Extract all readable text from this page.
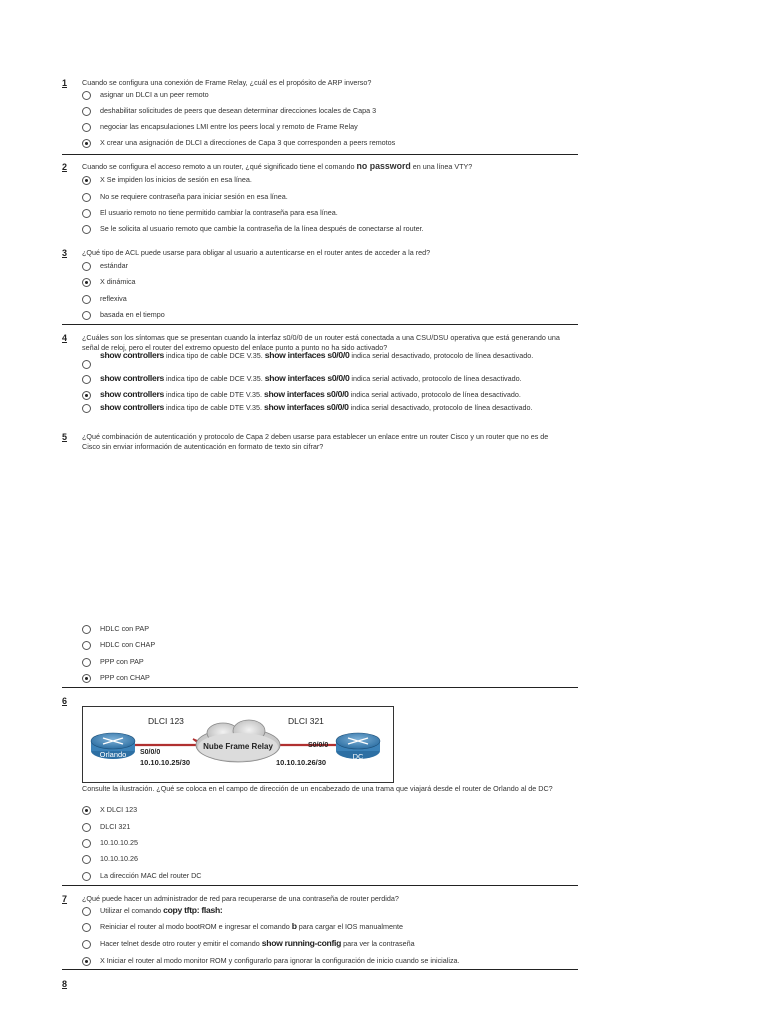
1 Cuando se configura una conexión de Frame Relay, ¿cuál es el propósito de ARP inverso?
asignar un DLCI a un peer remoto
deshabilitar solicitudes de peers que desean determinar direcciones locales de Capa 3
negociar las encapsulaciones LMI entre los peers local y remoto de Frame Relay
X crear una asignación de DLCI a direcciones de Capa 3 que corresponden a peers remotos
2 Cuando se configura el acceso remoto a un router, ¿qué significado tiene el comando no password en una línea VTY?
X Se impiden los inicios de sesión en esa línea.
No se requiere contraseña para iniciar sesión en esa línea.
El usuario remoto no tiene permitido cambiar la contraseña para esa línea.
Se le solicita al usuario remoto que cambie la contraseña de la línea después de conectarse al router.
3 ¿Qué tipo de ACL puede usarse para obligar al usuario a autenticarse en el router antes de acceder a la red?
estándar
X dinámica
reflexiva
basada en el tiempo
4 ¿Cuáles son los síntomas que se presentan cuando la interfaz s0/0/0 de un router está conectada a una CSU/DSU operativa que está generando una señal de reloj, pero el router del extremo opuesto del enlace punto a punto no ha sido activado?
show controllers indica tipo de cable DCE V.35. show interfaces s0/0/0 indica serial desactivado, protocolo de línea desactivado.
show controllers indica tipo de cable DCE V.35. show interfaces s0/0/0 indica serial activado, protocolo de línea desactivado.
show controllers indica tipo de cable DTE V.35. show interfaces s0/0/0 indica serial activado, protocolo de línea desactivado.
show controllers indica tipo de cable DTE V.35. show interfaces s0/0/0 indica serial desactivado, protocolo de línea desactivado.
5 ¿Qué combinación de autenticación y protocolo de Capa 2 deben usarse para establecer un enlace entre un router Cisco y un router que no es de Cisco sin enviar información de autenticación en formato de texto sin cifrar?
HDLC con PAP
HDLC con CHAP
PPP con PAP
PPP con CHAP
6
Nube Frame Relay
Orlando	DC
DLCI 123	DLCI 321
S0/0/0
S0/0/0
10.10.10.25/30	10.10.10.26/30
Consulte la ilustración. ¿Qué se coloca en el campo de dirección de un encabezado de una trama que viajará desde el router de Orlando al de DC?
X DLCI 123
DLCI 321
10.10.10.25
10.10.10.26
La dirección MAC del router DC
7 ¿Qué puede hacer un administrador de red para recuperarse de una contraseña de router perdida?
Utilizar el comando copy tftp: flash:
Reiniciar el router al modo bootROM e ingresar el comando b para cargar el IOS manualmente
Hacer telnet desde otro router y emitir el comando show running-config para ver la contraseña
X Iniciar el router al modo monitor ROM y configurarlo para ignorar la configuración de inicio cuando se inicializa.
8
